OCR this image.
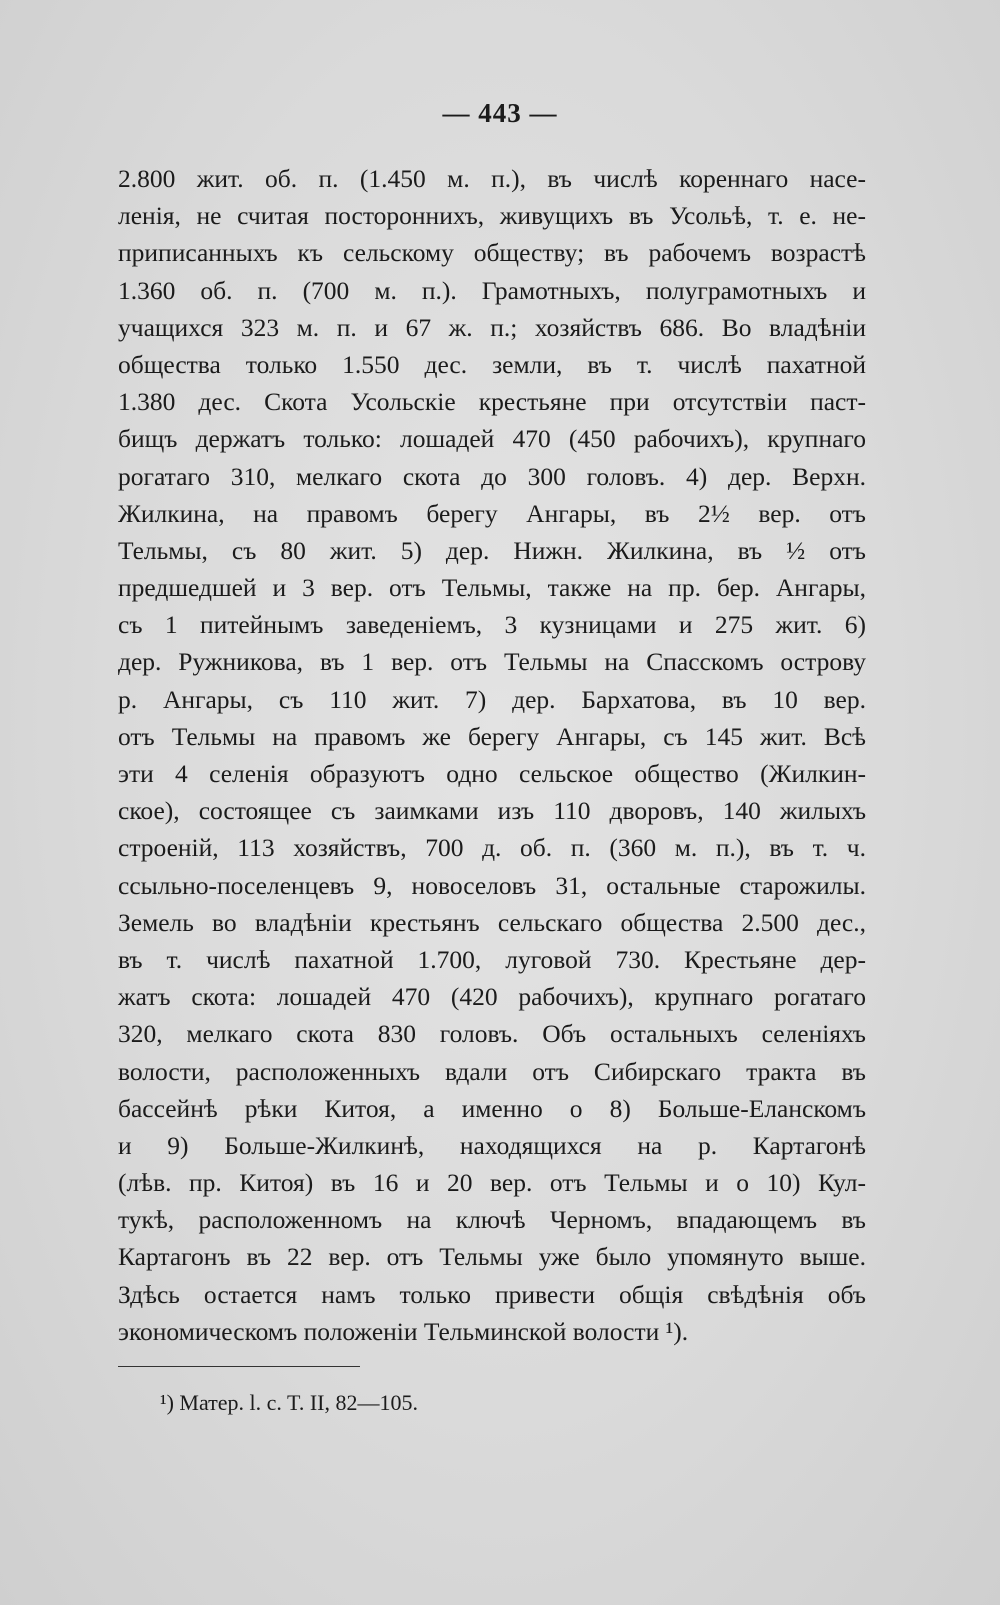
— 443 —
2.800 жит. об. п. (1.450 м. п.), въ числѣ кореннаго насе-
ленія, не считая постороннихъ, живущихъ въ Усольѣ, т. е. не-
приписанныхъ къ сельскому обществу; въ рабочемъ возрастѣ
1.360 об. п. (700 м. п.). Грамотныхъ, полуграмотныхъ и
учащихся 323 м. п. и 67 ж. п.; хозяйствъ 686. Во владѣніи
общества только 1.550 дес. земли, въ т. числѣ пахатной
1.380 дес. Скота Усольскіе крестьяне при отсутствіи паст-
бищъ держатъ только: лошадей 470 (450 рабочихъ), крупнаго
рогатаго 310, мелкаго скота до 300 головъ. 4) дер. Верхн.
Жилкина, на правомъ берегу Ангары, въ 2½ вер. отъ
Тельмы, съ 80 жит. 5) дер. Нижн. Жилкина, въ ½ отъ
предшедшей и 3 вер. отъ Тельмы, также на пр. бер. Ангары,
съ 1 питейнымъ заведеніемъ, 3 кузницами и 275 жит. 6)
дер. Ружникова, въ 1 вер. отъ Тельмы на Спасскомъ острову
р. Ангары, съ 110 жит. 7) дер. Бархатова, въ 10 вер.
отъ Тельмы на правомъ же берегу Ангары, съ 145 жит. Всѣ
эти 4 селенія образуютъ одно сельское общество (Жилкин-
ское), состоящее съ заимками изъ 110 дворовъ, 140 жилыхъ
строеній, 113 хозяйствъ, 700 д. об. п. (360 м. п.), въ т. ч.
ссыльно-поселенцевъ 9, новоселовъ 31, остальные старожилы.
Земель во владѣніи крестьянъ сельскаго общества 2.500 дес.,
въ т. числѣ пахатной 1.700, луговой 730. Крестьяне дер-
жатъ скота: лошадей 470 (420 рабочихъ), крупнаго рогатаго
320, мелкаго скота 830 головъ. Объ остальныхъ селеніяхъ
волости, расположенныхъ вдали отъ Сибирскаго тракта въ
бассейнѣ рѣки Китоя, а именно о 8) Больше-Еланскомъ
и 9) Больше-Жилкинѣ, находящихся на р. Картагонѣ
(лѣв. пр. Китоя) въ 16 и 20 вер. отъ Тельмы и о 10) Кул-
тукѣ, расположенномъ на ключѣ Черномъ, впадающемъ въ
Картагонъ въ 22 вер. отъ Тельмы уже было упомянуто выше.
Здѣсь остается намъ только привести общія свѣдѣнія объ
экономическомъ положеніи Тельминской волости ¹).
¹) Матер. l. c. T. II, 82—105.
